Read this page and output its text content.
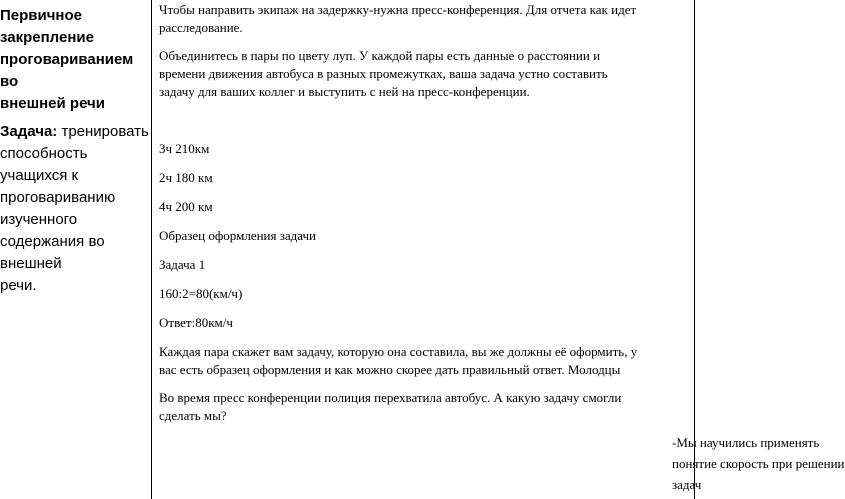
Первичное
закрепление
проговариванием во
внешней речи

Задача: тренировать
способность
учащихся к
проговариванию
изученного
содержания во
внешней
речи.

Чтобы направить экипаж на задержку-нужна пресс-конференция. Для отчета как идет
расследование.

Объединитесь в пары по цвету луп. У каждой пары есть данные о расстоянии и
времени движения автобуса в разных промежутках, ваша задача устно составить
задачу для ваших коллег и выступить с ней на пресс-конференции.

3ч 210км

2ч 180 км

4ч 200 км

Образец оформления задачи

Задача 1

160:2=80(км/ч)

Ответ:80км/ч

Каждая пара скажет вам задачу, которую она составила, вы же должны её оформить, у
вас есть образец оформления и как можно скорее дать правильный ответ. Молодцы

Во время пресс конференции полиция перехватила автобус. А какую задачу смогли
сделать мы?

-Мы научились применять
понятие скорость при решении
задач
